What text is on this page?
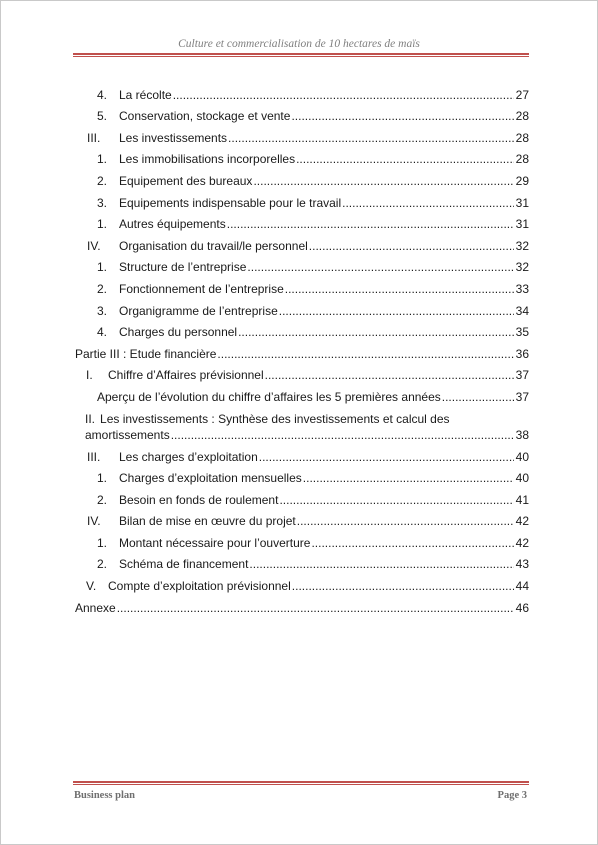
Culture et commercialisation de 10 hectares de maïs
4. La récolte .....	27
5. Conservation, stockage et vente .....	28
III.	Les investissements .....	28
1. Les immobilisations incorporelles .....	28
2. Equipement des bureaux .....	29
3. Equipements indispensable pour le travail .....	31
1. Autres équipements .....	31
IV.	Organisation du travail/le personnel .....	32
1. Structure de l’entreprise .....	32
2. Fonctionnement de l’entreprise .....	33
3. Organigramme de l’entreprise .....	34
4. Charges du personnel .....	35
Partie III : Etude financière .....	36
I.	Chiffre d’Affaires prévisionnel .....	37
Aperçu de l’évolution du chiffre d’affaires les 5 premières années .....	37
II. Les investissements : Synthèse des investissements et calcul des
amortissements .....	38
III.	Les charges d’exploitation .....	40
1. Charges d’exploitation mensuelles .....	40
2. Besoin en fonds de roulement .....	41
IV.	Bilan de mise en œuvre du projet .....	42
1. Montant nécessaire pour l’ouverture .....	42
2. Schéma de financement .....	43
V. Compte d’exploitation prévisionnel .....	44
Annexe .....	46
Business plan	Page 3
